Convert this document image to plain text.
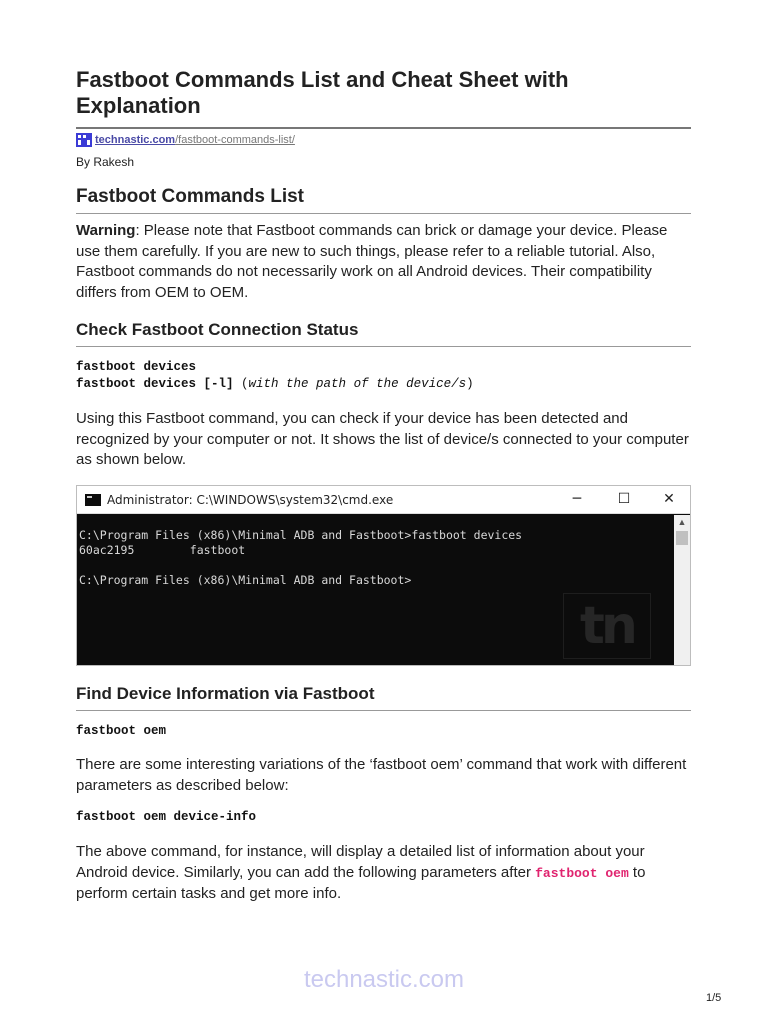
Fastboot Commands List and Cheat Sheet with Explanation
technastic.com/fastboot-commands-list/
By Rakesh
Fastboot Commands List

Warning: Please note that Fastboot commands can brick or damage your device. Please use them carefully. If you are new to such things, please refer to a reliable tutorial. Also, Fastboot commands do not necessarily work on all Android devices. Their compatibility differs from OEM to OEM.

Check Fastboot Connection Status
fastboot devices
fastboot devices [-l] (with the path of the device/s)

Using this Fastboot command, you can check if your device has been detected and recognized by your computer or not. It shows the list of device/s connected to your computer as shown below.

Administrator: C:\WINDOWS\system32\cmd.exe	─	☐ ✕
C:\Program Files (x86)\Minimal ADB and Fastboot>fastboot devices
60ac2195        fastboot

C:\Program Files (x86)\Minimal ADB and Fastboot>
tn
▲
Find Device Information via Fastboot
fastboot oem

There are some interesting variations of the ‘fastboot oem’ command that work with different parameters as described below:

fastboot oem device-info

The above command, for instance, will display a detailed list of information about your Android device. Similarly, you can add the following parameters after fastboot oem to perform certain tasks and get more info.

technastic.com
1/5
